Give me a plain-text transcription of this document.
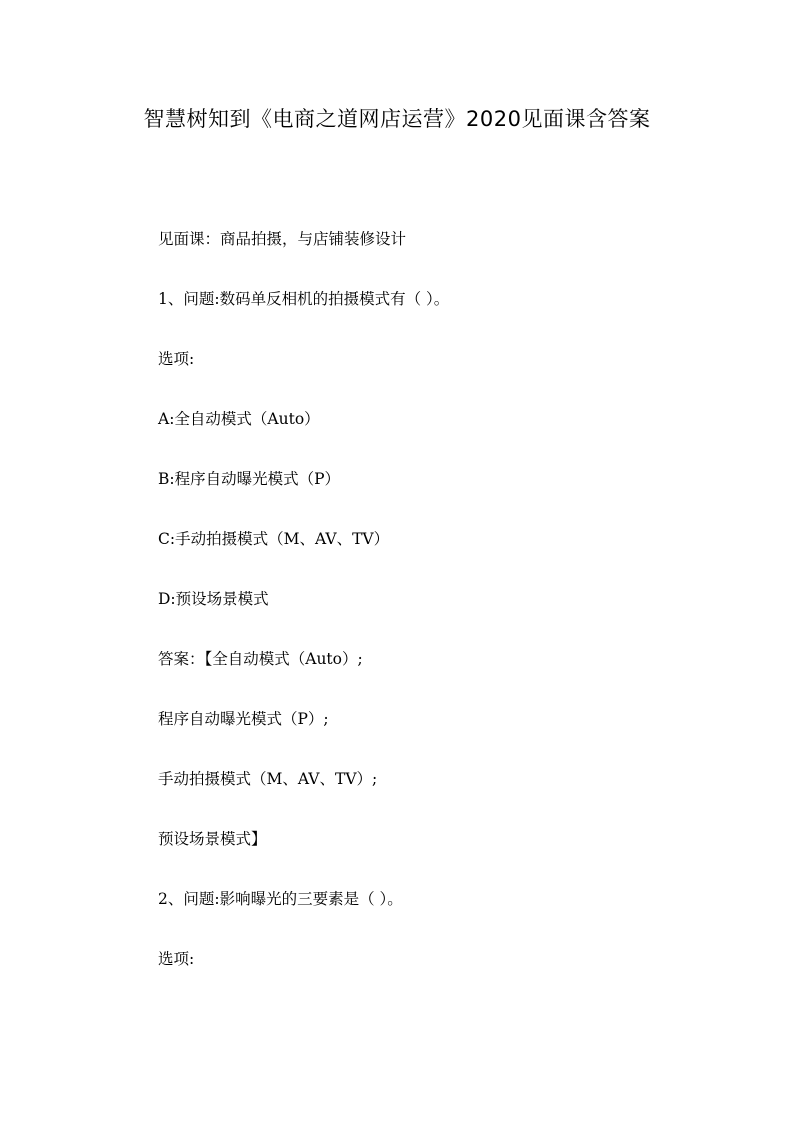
智慧树知到《电商之道网店运营》2020见面课含答案
见面课：商品拍摄，与店铺装修设计
1、问题:数码单反相机的拍摄模式有（ ）。
选项:
A:全自动模式（Auto）
B:程序自动曝光模式（P）
C:手动拍摄模式（M、AV、TV）
D:预设场景模式
答案：【全自动模式（Auto）;
程序自动曝光模式（P）;
手动拍摄模式（M、AV、TV）;
预设场景模式】
2、问题:影响曝光的三要素是（ ）。
选项:
